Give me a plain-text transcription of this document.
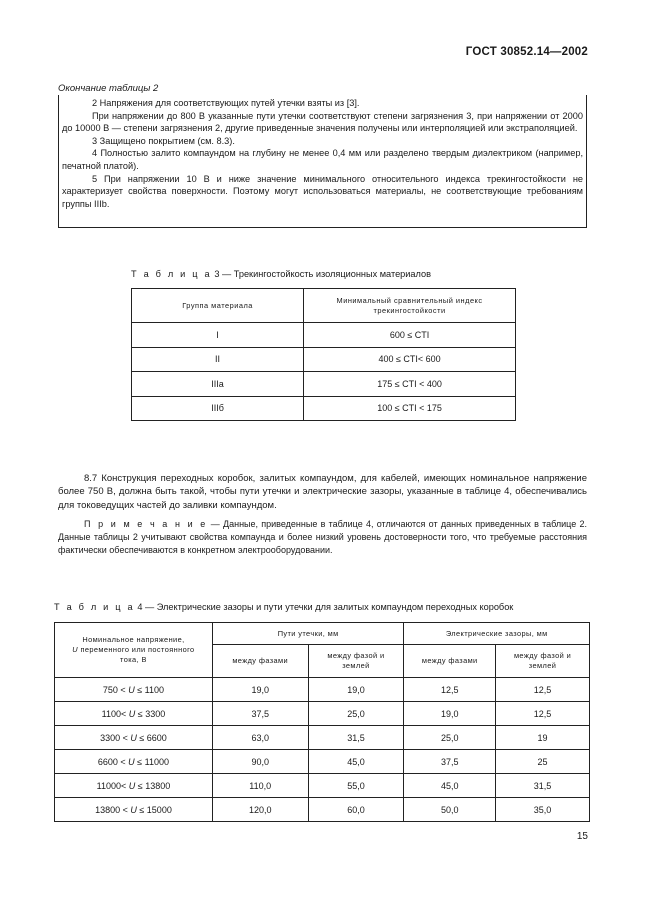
ГОСТ 30852.14—2002
Окончание таблицы 2

2 Напряжения для соответствующих путей утечки взяты из [3].

При напряжении до 800 В указанные пути утечки соответствуют степени загрязнения 3, при напряжении от 2000 до 10000 В — степени загрязнения 2, другие приведенные значения получены или интерполяцией или экстраполяцией.

3 Защищено покрытием (см. 8.3).

4 Полностью залито компаундом на глубину не менее 0,4 мм или разделено твердым диэлектриком (например, печатной платой).

5 При напряжении 10 В и ниже значение минимального относительного индекса трекингостойкости не характеризует свойства поверхности. Поэтому могут использоваться материалы, не соответствующие требованиям группы IIIb.

Т а б л и ц а 3 — Трекингостойкость изоляционных материалов
Группа материала	Минимальный сравнительный индекс трекингостойкости
I	600 ≤ CTI
II	400 ≤ CTI< 600
IIIa	175 ≤ CTI < 400
IIIб	100 ≤ CTI < 175

8.7 Конструкция переходных коробок, залитых компаундом, для кабелей, имеющих номинальное напряжение более 750 В, должна быть такой, чтобы пути утечки и электрические зазоры, указанные в таблице 4, обеспечивались для токоведущих частей до заливки компаундом.

П р и м е ч а н и е — Данные, приведенные в таблице 4, отличаются от данных приведенных в таблице 2. Данные таблицы 2 учитывают свойства компаунда и более низкий уровень достоверности того, что требуемые расстояния фактически обеспечиваются в конкретном электрооборудовании.

Т а б л и ц а 4 — Электрические зазоры и пути утечки для залитых компаундом переходных коробок
Номинальное напряжение,
U переменного или постоянного тока, В	Пути утечки, мм		Электрические зазоры, мм	
	между фазами	между фазой и землей	между фазами	между фазой и землей
750 < U ≤ 1100	19,0	19,0	12,5	12,5
1100< U ≤ 3300	37,5	25,0	19,0	12,5
3300 < U ≤ 6600	63,0	31,5	25,0	19
6600 < U ≤ 11000	90,0	45,0	37,5	25
11000< U ≤ 13800	110,0	55,0	45,0	31,5
13800 < U ≤ 15000	120,0	60,0	50,0	35,0
15
